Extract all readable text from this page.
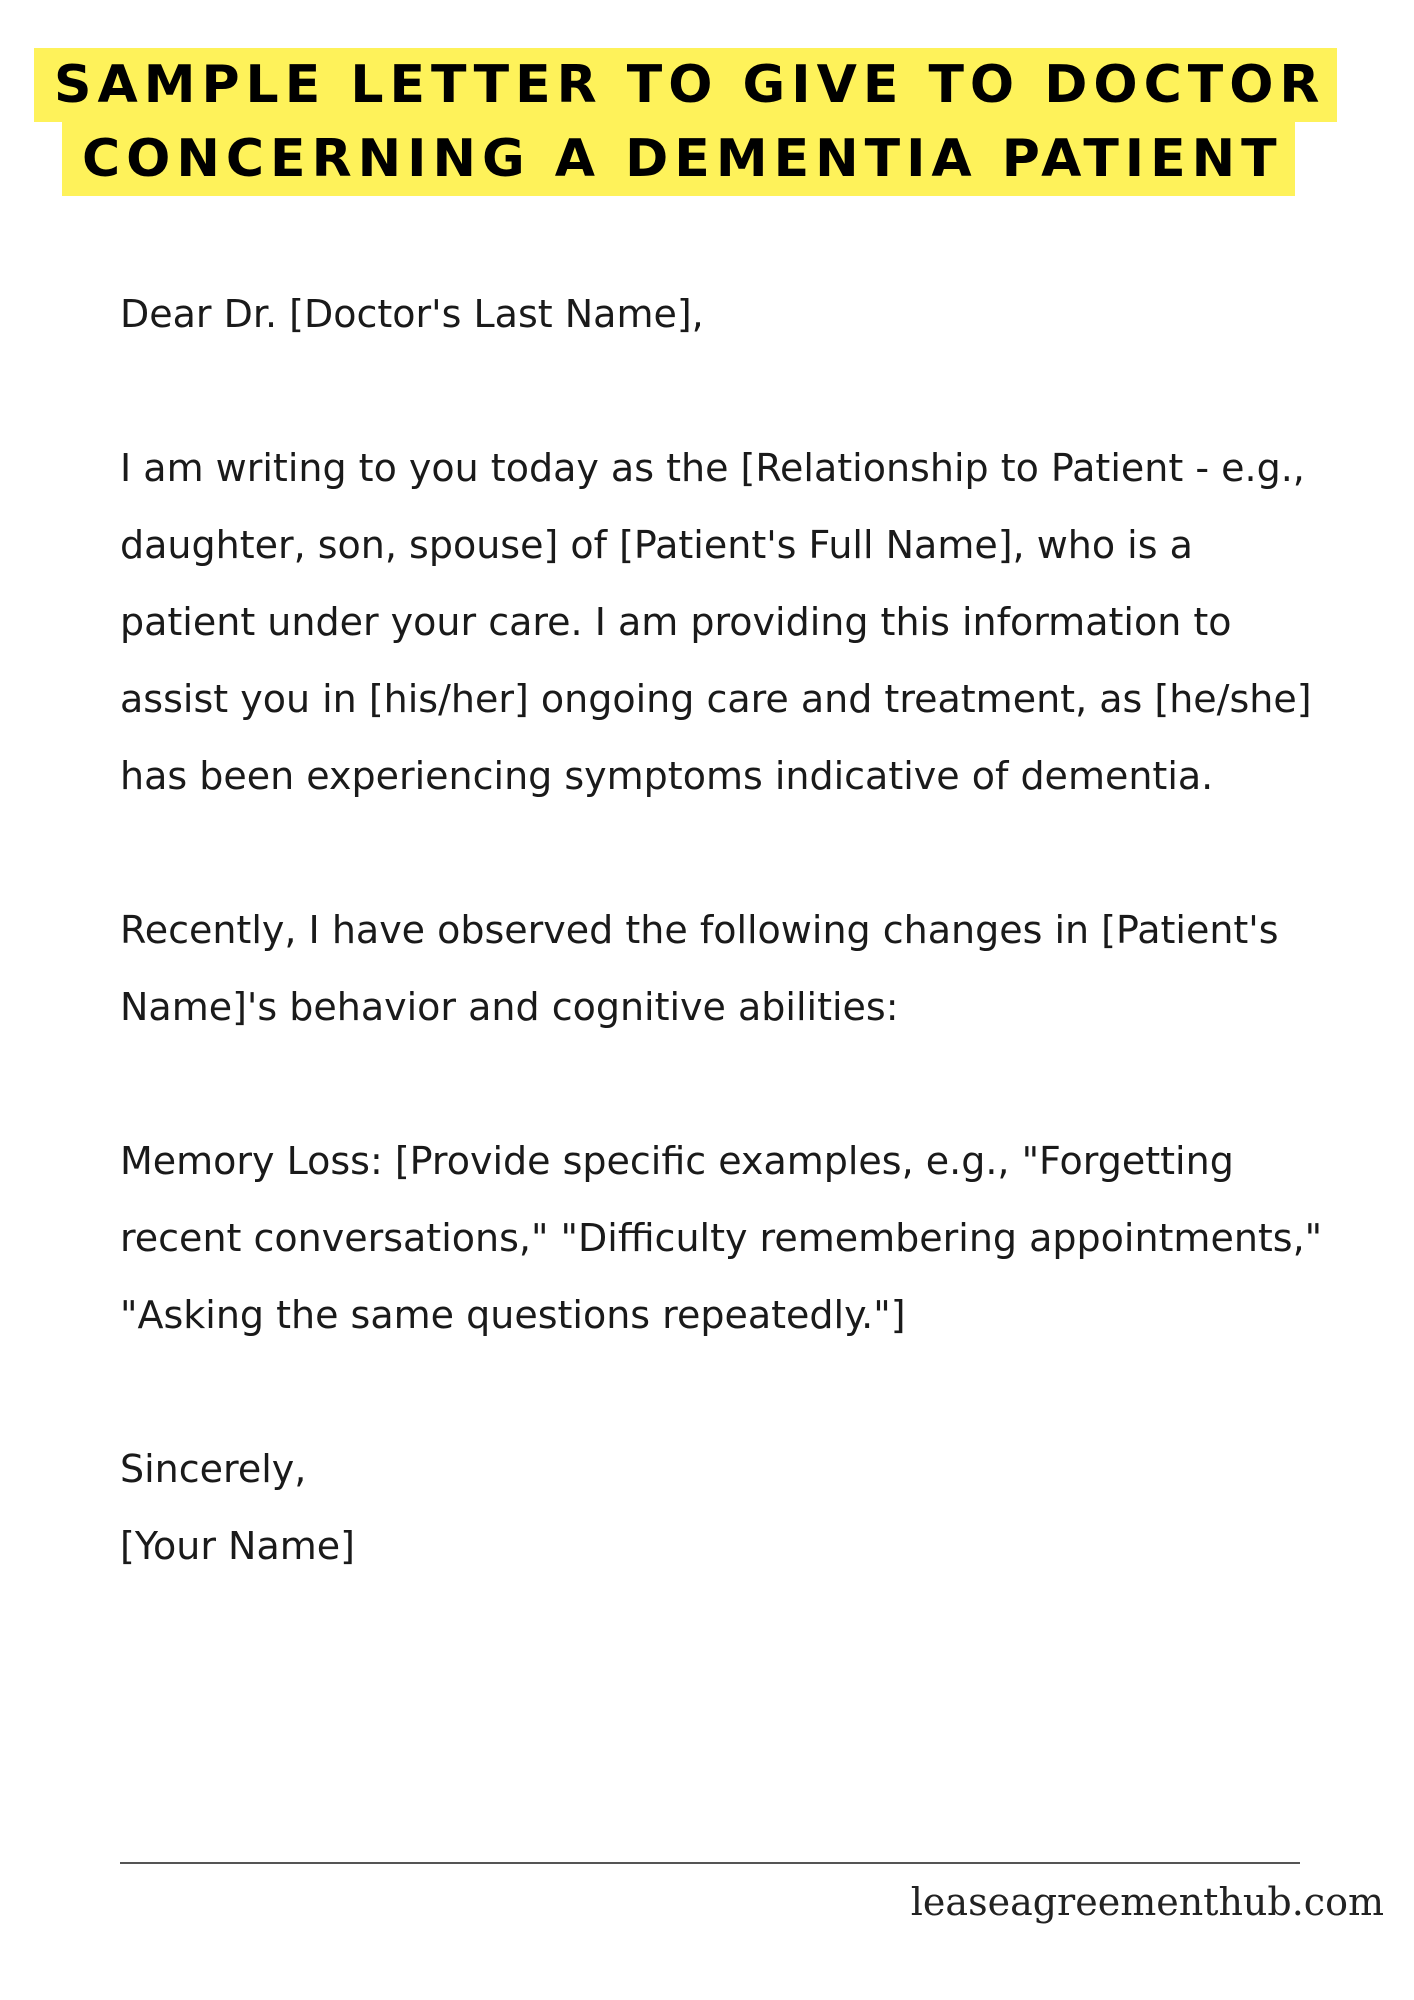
SAMPLE LETTER TO GIVE TO DOCTOR
CONCERNING A DEMENTIA PATIENT

Dear Dr. [Doctor's Last Name],

I am writing to you today as the [Relationship to Patient - e.g., daughter, son, spouse] of [Patient's Full Name], who is a patient under your care. I am providing this information to assist you in [his/her] ongoing care and treatment, as [he/she] has been experiencing symptoms indicative of dementia.

Recently, I have observed the following changes in [Patient's Name]'s behavior and cognitive abilities:

Memory Loss: [Provide specific examples, e.g., "Forgetting recent conversations," "Difficulty remembering appointments," "Asking the same questions repeatedly."]

Sincerely,

[Your Name]

leaseagreementhub.com
